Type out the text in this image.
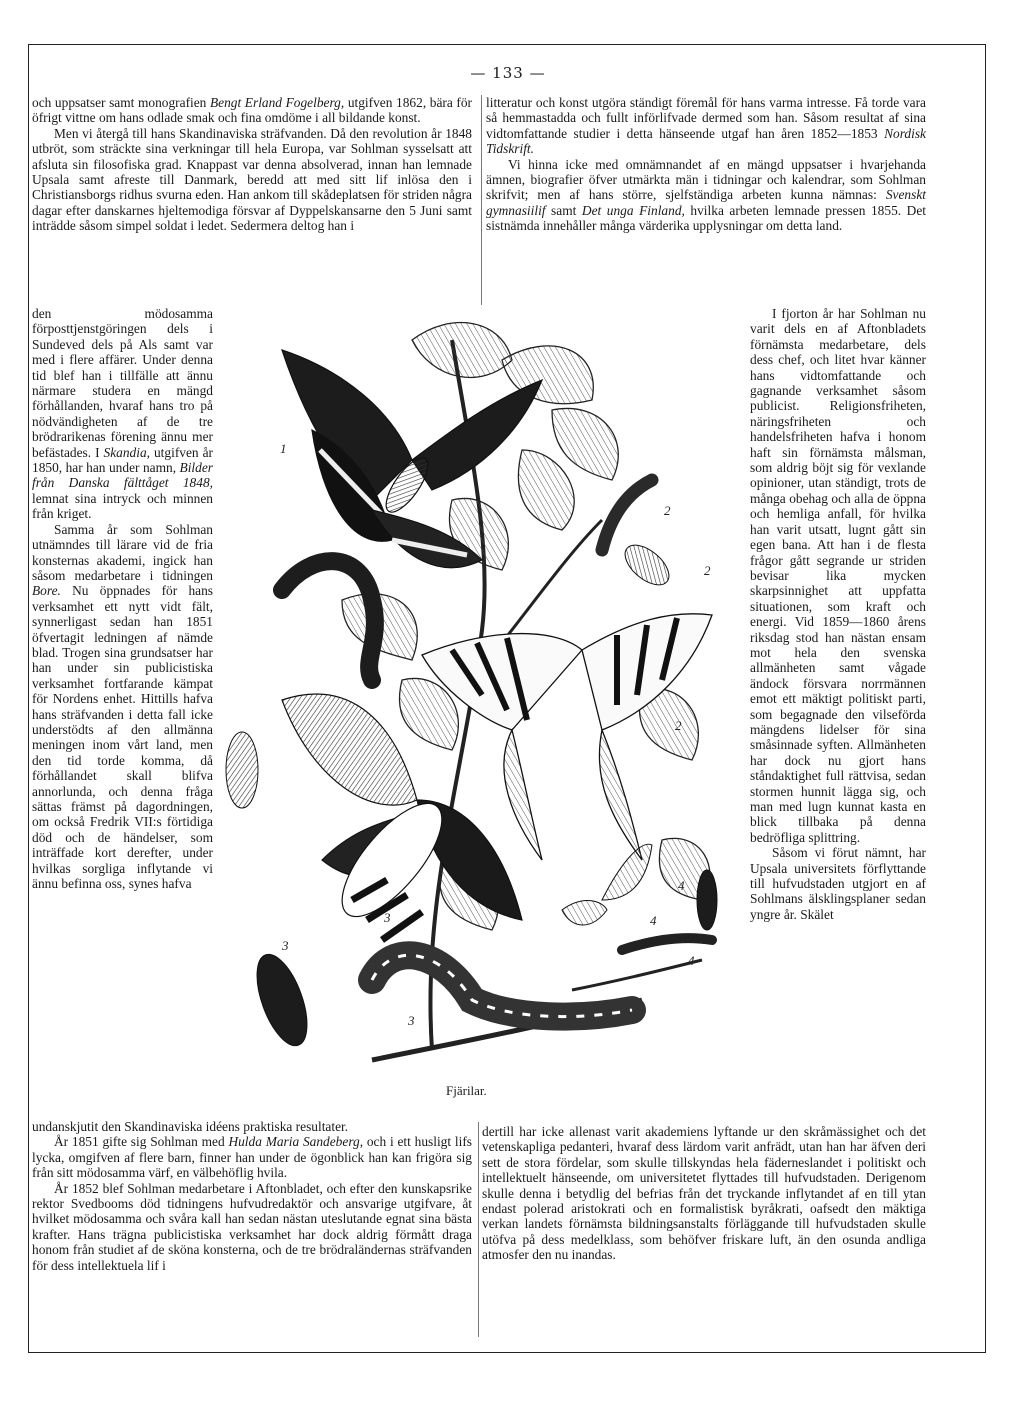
— 133 —

och uppsatser samt monografien Bengt Erland Fogelberg, utgifven 1862, bära för öfrigt vittne om hans odlade smak och fina omdöme i all bildande konst.

Men vi återgå till hans Skandinaviska sträfvanden. Då den revolution år 1848 utbröt, som sträckte sina verkningar till hela Europa, var Sohlman sysselsatt att afsluta sin filosofiska grad. Knappast var denna absolverad, innan han lemnade Upsala samt afreste till Danmark, beredd att med sitt lif inlösa den i Christiansborgs ridhus svurna eden. Han ankom till skådeplatsen för striden några dagar efter danskarnes hjeltemodiga försvar af Dyppelskansarne den 5 Juni samt inträdde såsom simpel soldat i ledet. Sedermera deltog han i

litteratur och konst utgöra ständigt föremål för hans varma intresse. Få torde vara så hemmastadda och fullt införlifvade dermed som han. Såsom resultat af sina vidtomfattande studier i detta hänseende utgaf han åren 1852—1853 Nordisk Tidskrift.

Vi hinna icke med omnämnandet af en mängd uppsatser i hvarjehanda ämnen, biografier öfver utmärkta män i tidningar och kalendrar, som Sohlman skrifvit; men af hans större, sjelfständiga arbeten kunna nämnas: Svenskt gymnasiilif samt Det unga Finland, hvilka arbeten lemnade pressen 1855. Det sistnämda innehåller många värderika upplysningar om detta land.

den mödosamma förposttjenstgöringen dels i Sundeved dels på Als samt var med i flere affärer. Under denna tid blef han i tillfälle att ännu närmare studera en mängd förhållanden, hvaraf hans tro på nödvändigheten af de tre brödrarikenas förening ännu mer befästades. I Skandia, utgifven år 1850, har han under namn, Bilder från Danska fälttåget 1848, lemnat sina intryck och minnen från kriget.

Samma år som Sohlman utnämndes till lärare vid de fria konsternas akademi, ingick han såsom medarbetare i tidningen Bore. Nu öppnades för hans verksamhet ett nytt vidt fält, synnerligast sedan han 1851 öfvertagit ledningen af nämde blad. Trogen sina grundsatser har han under sin publicistiska verksamhet fortfarande kämpat för Nordens enhet. Hittills hafva hans sträfvanden i detta fall icke understödts af den allmänna meningen inom vårt land, men den tid torde komma, då förhållandet skall blifva annorlunda, och denna fråga sättas främst på dagordningen, om också Fredrik VII:s förtidiga död och de händelser, som inträffade kort derefter, under hvilkas sorgliga inflytande vi ännu befinna oss, synes hafva

I fjorton år har Sohlman nu varit dels en af Aftonbladets förnämsta medarbetare, dels dess chef, och litet hvar känner hans vidtomfattande och gagnande verksamhet såsom publicist. Religionsfriheten, näringsfriheten och handelsfriheten hafva i honom haft sin förnämsta målsman, som aldrig böjt sig för vexlande opinioner, utan ständigt, trots de många obehag och alla de öppna och hemliga anfall, för hvilka han varit utsatt, lugnt gått sin egen bana. Att han i de flesta frågor gått segrande ur striden bevisar lika mycken skarpsinnighet att uppfatta situationen, som kraft och energi. Vid 1859—1860 årens riksdag stod han nästan ensam mot hela den svenska allmänheten samt vågade ändock försvara norrmännen emot ett mäktigt politiskt parti, som begagnade den vilseförda mängdens lidelser för sina småsinnade syften. Allmänheten har dock nu gjort hans ståndaktighet full rättvisa, sedan stormen hunnit lägga sig, och man med lugn kunnat kasta en blick tillbaka på denna bedröfliga splittring.

Såsom vi förut nämnt, har Upsala universitets förflyttande till hufvudstaden utgjort en af Sohlmans älsklingsplaner sedan yngre år. Skälet

1
2
2
2
3
3
3
4
4
4
Fjärilar.

undanskjutit den Skandinaviska idéens praktiska resultater.

År 1851 gifte sig Sohlman med Hulda Maria Sandeberg, och i ett husligt lifs lycka, omgifven af flere barn, finner han under de ögonblick han kan frigöra sig från sitt mödosamma värf, en välbehöflig hvila.

År 1852 blef Sohlman medarbetare i Aftonbladet, och efter den kunskapsrike rektor Svedbooms död tidningens hufvudredaktör och ansvarige utgifvare, åt hvilket mödosamma och svåra kall han sedan nästan uteslutande egnat sina bästa krafter. Hans trägna publicistiska verksamhet har dock aldrig förmått draga honom från studiet af de sköna konsterna, och de tre brödraländernas sträfvanden för dess intellektuela lif i

dertill har icke allenast varit akademiens lyftande ur den skråmässighet och det vetenskapliga pedanteri, hvaraf dess lärdom varit anfrädt, utan han har äfven deri sett de stora fördelar, som skulle tillskyndas hela fäderneslandet i politiskt och intellektuelt hänseende, om universitetet flyttades till hufvudstaden. Derigenom skulle denna i betydlig del befrias från det tryckande inflytandet af en till ytan endast polerad aristokrati och en formalistisk byråkrati, oafsedt den mäktiga verkan landets förnämsta bildningsanstalts förläggande till hufvudstaden skulle utöfva på dess medelklass, som behöfver friskare luft, än den osunda andliga atmosfer den nu inandas.
